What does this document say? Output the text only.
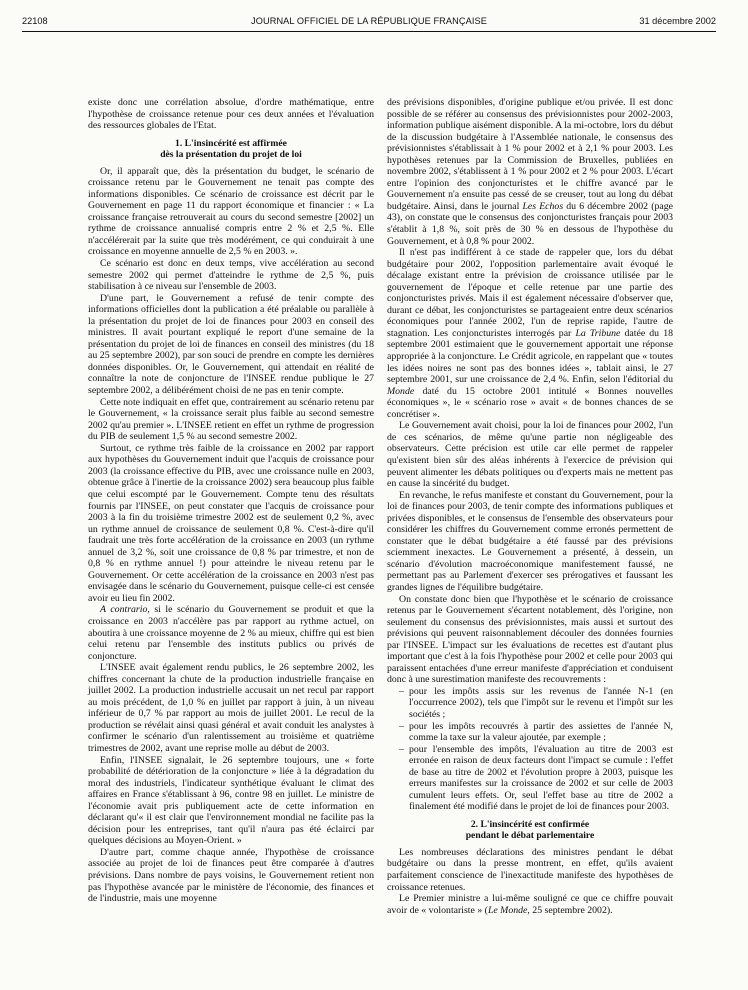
22108	JOURNAL OFFICIEL DE LA RÉPUBLIQUE FRANÇAISE	31 décembre 2002

existe donc une corrélation absolue, d'ordre mathématique, entre l'hypothèse de croissance retenue pour ces deux années et l'évaluation des ressources globales de l'Etat.

1. L'insincérité est affirmée
dès la présentation du projet de loi

Or, il apparaît que, dès la présentation du budget, le scénario de croissance retenu par le Gouvernement ne tenait pas compte des informations disponibles. Ce scénario de croissance est décrit par le Gouvernement en page 11 du rapport économique et financier : « La croissance française retrouverait au cours du second semestre [2002] un rythme de croissance annualisé compris entre 2 % et 2,5 %. Elle n'accélérerait par la suite que très modérément, ce qui conduirait à une croissance en moyenne annuelle de 2,5 % en 2003. ».

Ce scénario est donc en deux temps, vive accélération au second semestre 2002 qui permet d'atteindre le rythme de 2,5 %, puis stabilisation à ce niveau sur l'ensemble de 2003.

D'une part, le Gouvernement a refusé de tenir compte des informations officielles dont la publication a été préalable ou parallèle à la présentation du projet de loi de finances pour 2003 en conseil des ministres. Il avait pourtant expliqué le report d'une semaine de la présentation du projet de loi de finances en conseil des ministres (du 18 au 25 septembre 2002), par son souci de prendre en compte les dernières données disponibles. Or, le Gouvernement, qui attendait en réalité de connaître la note de conjoncture de l'INSEE rendue publique le 27 septembre 2002, a délibérément choisi de ne pas en tenir compte.

Cette note indiquait en effet que, contrairement au scénario retenu par le Gouvernement, « la croissance serait plus faible au second semestre 2002 qu'au premier ». L'INSEE retient en effet un rythme de progression du PIB de seulement 1,5 % au second semestre 2002.

Surtout, ce rythme très faible de la croissance en 2002 par rapport aux hypothèses du Gouvernement induit que l'acquis de croissance pour 2003 (la croissance effective du PIB, avec une croissance nulle en 2003, obtenue grâce à l'inertie de la croissance 2002) sera beaucoup plus faible que celui escompté par le Gouvernement. Compte tenu des résultats fournis par l'INSEE, on peut constater que l'acquis de croissance pour 2003 à la fin du troisième trimestre 2002 est de seulement 0,2 %, avec un rythme annuel de croissance de seulement 0,8 %. C'est-à-dire qu'il faudrait une très forte accélération de la croissance en 2003 (un rythme annuel de 3,2 %, soit une croissance de 0,8 % par trimestre, et non de 0,8 % en rythme annuel !) pour atteindre le niveau retenu par le Gouvernement. Or cette accélération de la croissance en 2003 n'est pas envisagée dans le scénario du Gouvernement, puisque celle-ci est censée avoir eu lieu fin 2002.

A contrario, si le scénario du Gouvernement se produit et que la croissance en 2003 n'accélère pas par rapport au rythme actuel, on aboutira à une croissance moyenne de 2 % au mieux, chiffre qui est bien celui retenu par l'ensemble des instituts publics ou privés de conjoncture.

L'INSEE avait également rendu publics, le 26 septembre 2002, les chiffres concernant la chute de la production industrielle française en juillet 2002. La production industrielle accusait un net recul par rapport au mois précédent, de 1,0 % en juillet par rapport à juin, à un niveau inférieur de 0,7 % par rapport au mois de juillet 2001. Le recul de la production se révélait ainsi quasi général et avait conduit les analystes à confirmer le scénario d'un ralentissement au troisième et quatrième trimestres de 2002, avant une reprise molle au début de 2003.

Enfin, l'INSEE signalait, le 26 septembre toujours, une « forte probabilité de détérioration de la conjoncture » liée à la dégradation du moral des industriels, l'indicateur synthétique évaluant le climat des affaires en France s'établissant à 96, contre 98 en juillet. Le ministre de l'économie avait pris publiquement acte de cette information en déclarant qu'« il est clair que l'environnement mondial ne facilite pas la décision pour les entreprises, tant qu'il n'aura pas été éclairci par quelques décisions au Moyen-Orient. »

D'autre part, comme chaque année, l'hypothèse de croissance associée au projet de loi de finances peut être comparée à d'autres prévisions. Dans nombre de pays voisins, le Gouvernement retient non pas l'hypothèse avancée par le ministère de l'économie, des finances et de l'industrie, mais une moyenne

des prévisions disponibles, d'origine publique et/ou privée. Il est donc possible de se référer au consensus des prévisionnistes pour 2002-2003, information publique aisément disponible. A la mi-octobre, lors du début de la discussion budgétaire à l'Assemblée nationale, le consensus des prévisionnistes s'établissait à 1 % pour 2002 et à 2,1 % pour 2003. Les hypothèses retenues par la Commission de Bruxelles, publiées en novembre 2002, s'établissent à 1 % pour 2002 et 2 % pour 2003. L'écart entre l'opinion des conjoncturistes et le chiffre avancé par le Gouvernement n'a ensuite pas cessé de se creuser, tout au long du débat budgétaire. Ainsi, dans le journal Les Echos du 6 décembre 2002 (page 43), on constate que le consensus des conjoncturistes français pour 2003 s'établit à 1,8 %, soit près de 30 % en dessous de l'hypothèse du Gouvernement, et à 0,8 % pour 2002.

Il n'est pas indifférent à ce stade de rappeler que, lors du débat budgétaire pour 2002, l'opposition parlementaire avait évoqué le décalage existant entre la prévision de croissance utilisée par le gouvernement de l'époque et celle retenue par une partie des conjoncturistes privés. Mais il est également nécessaire d'observer que, durant ce débat, les conjoncturistes se partageaient entre deux scénarios économiques pour l'année 2002, l'un de reprise rapide, l'autre de stagnation. Les conjoncturistes interrogés par La Tribune datée du 18 septembre 2001 estimaient que le gouvernement apportait une réponse appropriée à la conjoncture. Le Crédit agricole, en rappelant que « toutes les idées noires ne sont pas des bonnes idées », tablait ainsi, le 27 septembre 2001, sur une croissance de 2,4 %. Enfin, selon l'éditorial du Monde daté du 15 octobre 2001 intitulé « Bonnes nouvelles économiques », le « scénario rose » avait « de bonnes chances de se concrétiser ».

Le Gouvernement avait choisi, pour la loi de finances pour 2002, l'un de ces scénarios, de même qu'une partie non négligeable des observateurs. Cette précision est utile car elle permet de rappeler qu'existent bien sûr des aléas inhérents à l'exercice de prévision qui peuvent alimenter les débats politiques ou d'experts mais ne mettent pas en cause la sincérité du budget.

En revanche, le refus manifeste et constant du Gouvernement, pour la loi de finances pour 2003, de tenir compte des informations publiques et privées disponibles, et le consensus de l'ensemble des observateurs pour considérer les chiffres du Gouvernement comme erronés permettent de constater que le débat budgétaire a été faussé par des prévisions sciemment inexactes. Le Gouvernement a présenté, à dessein, un scénario d'évolution macroéconomique manifestement faussé, ne permettant pas au Parlement d'exercer ses prérogatives et faussant les grandes lignes de l'équilibre budgétaire.

On constate donc bien que l'hypothèse et le scénario de croissance retenus par le Gouvernement s'écartent notablement, dès l'origine, non seulement du consensus des prévisionnistes, mais aussi et surtout des prévisions qui peuvent raisonnablement découler des données fournies par l'INSEE. L'impact sur les évaluations de recettes est d'autant plus important que c'est à la fois l'hypothèse pour 2002 et celle pour 2003 qui paraissent entachées d'une erreur manifeste d'appréciation et conduisent donc à une surestimation manifeste des recouvrements :

– pour les impôts assis sur les revenus de l'année N-1 (en l'occurrence 2002), tels que l'impôt sur le revenu et l'impôt sur les sociétés ;
– pour les impôts recouvrés à partir des assiettes de l'année N, comme la taxe sur la valeur ajoutée, par exemple ;
– pour l'ensemble des impôts, l'évaluation au titre de 2003 est erronée en raison de deux facteurs dont l'impact se cumule : l'effet de base au titre de 2002 et l'évolution propre à 2003, puisque les erreurs manifestes sur la croissance de 2002 et sur celle de 2003 cumulent leurs effets. Or, seul l'effet base au titre de 2002 a finalement été modifié dans le projet de loi de finances pour 2003.
2. L'insincérité est confirmée
pendant le débat parlementaire

Les nombreuses déclarations des ministres pendant le débat budgétaire ou dans la presse montrent, en effet, qu'ils avaient parfaitement conscience de l'inexactitude manifeste des hypothèses de croissance retenues.

Le Premier ministre a lui-même souligné ce que ce chiffre pouvait avoir de « volontariste » (Le Monde, 25 septembre 2002).
